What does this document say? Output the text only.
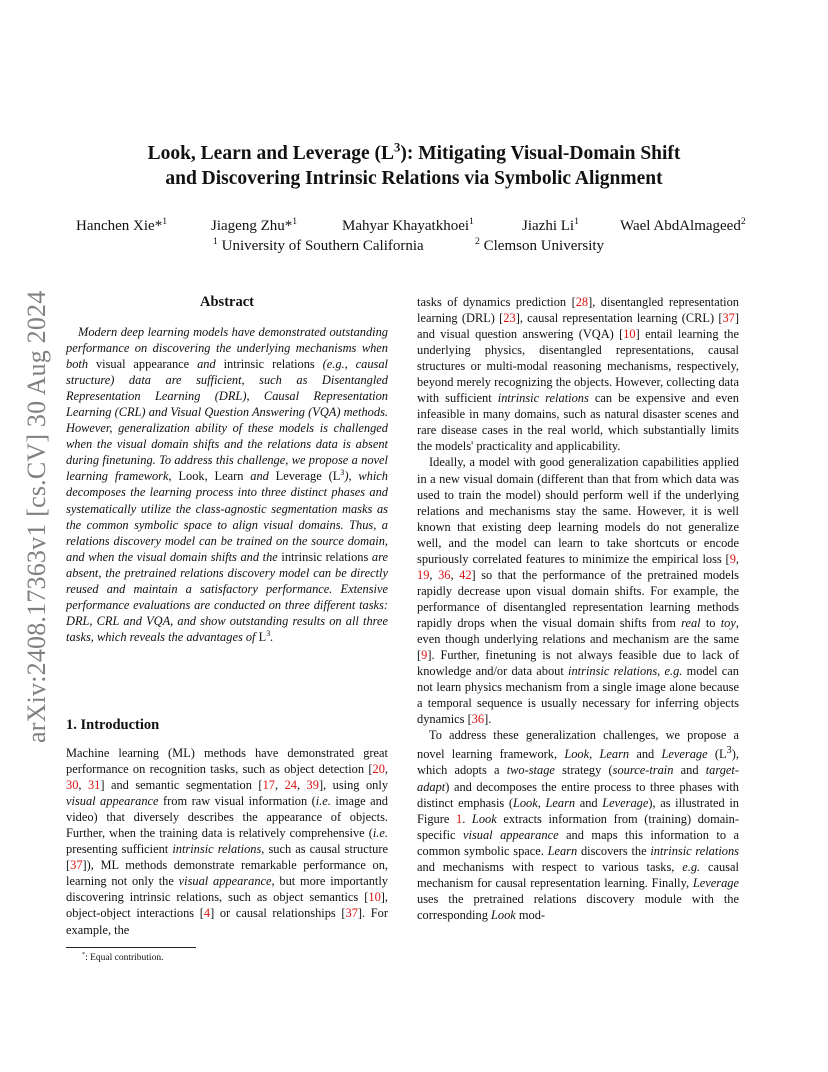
arXiv:2408.17363v1 [cs.CV] 30 Aug 2024
Look, Learn and Leverage $(L^3)$: Mitigating Visual-Domain Shift
and Discovering Intrinsic Relations via Symbolic Alignment
Hanchen Xie*$^1$	Jiageng Zhu*$^1$	Mahyar Khayatkhoei$^1$	Jiazhi Li$^1$	Wael AbdAlmageed$^2$
$^1$ University of Southern California	$^2$ Clemson University
Abstract
Modern deep learning models have demonstrated outstanding performance on discovering the underlying mechanisms when both visual appearance and intrinsic relations (e.g., causal structure) data are sufficient, such as Disentangled Representation Learning (DRL), Causal Representation Learning (CRL) and Visual Question Answering (VQA) methods. However, generalization ability of these models is challenged when the visual domain shifts and the relations data is absent during finetuning. To address this challenge, we propose a novel learning framework, Look, Learn and Leverage $(L^3)$, which decomposes the learning process into three distinct phases and systematically utilize the class-agnostic segmentation masks as the common symbolic space to align visual domains. Thus, a relations discovery model can be trained on the source domain, and when the visual domain shifts and the intrinsic relations are absent, the pretrained relations discovery model can be directly reused and maintain a satisfactory performance. Extensive performance evaluations are conducted on three different tasks: DRL, CRL and VQA, and show outstanding results on all three tasks, which reveals the advantages of $L^3$.
1. Introduction
Machine learning (ML) methods have demonstrated great performance on recognition tasks, such as object detection [20, 30, 31] and semantic segmentation [17, 24, 39], using only visual appearance from raw visual information (i.e. image and video) that diversely describes the appearance of objects. Further, when the training data is relatively comprehensive (i.e. presenting sufficient intrinsic relations, such as causal structure [37]), ML methods demonstrate remarkable performance on, learning not only the visual appearance, but more importantly discovering intrinsic relations, such as object semantics [10], object-object interactions [4] or causal relationships [37]. For example, the

tasks of dynamics prediction [28], disentangled representation learning (DRL) [23], causal representation learning (CRL) [37] and visual question answering (VQA) [10] entail learning the underlying physics, disentangled representations, causal structures or multi-modal reasoning mechanisms, respectively, beyond merely recognizing the objects. However, collecting data with sufficient intrinsic relations can be expensive and even infeasible in many domains, such as natural disaster scenes and rare disease cases in the real world, which substantially limits the models' practicality and applicability.

Ideally, a model with good generalization capabilities applied in a new visual domain (different than that from which data was used to train the model) should perform well if the underlying relations and mechanisms stay the same. However, it is well known that existing deep learning models do not generalize well, and the model can learn to take shortcuts or encode spuriously correlated features to minimize the empirical loss [9, 19, 36, 42] so that the performance of the pretrained models rapidly decrease upon visual domain shifts. For example, the performance of disentangled representation learning methods rapidly drops when the visual domain shifts from real to toy, even though underlying relations and mechanism are the same [9]. Further, finetuning is not always feasible due to lack of knowledge and/or data about intrinsic relations, e.g. model can not learn physics mechanism from a single image alone because a temporal sequence is usually necessary for inferring objects dynamics [36].

To address these generalization challenges, we propose a novel learning framework, Look, Learn and Leverage $(L^3)$, which adopts a two-stage strategy (source-train and target-adapt) and decomposes the entire process to three phases with distinct emphasis (Look, Learn and Leverage), as illustrated in Figure 1. Look extracts information from (training) domain-specific visual appearance and maps this information to a common symbolic space. Learn discovers the intrinsic relations and mechanisms with respect to various tasks, e.g. causal mechanism for causal representation learning. Finally, Leverage uses the pretrained relations discovery module with the corresponding Look mod-

*: Equal contribution.
